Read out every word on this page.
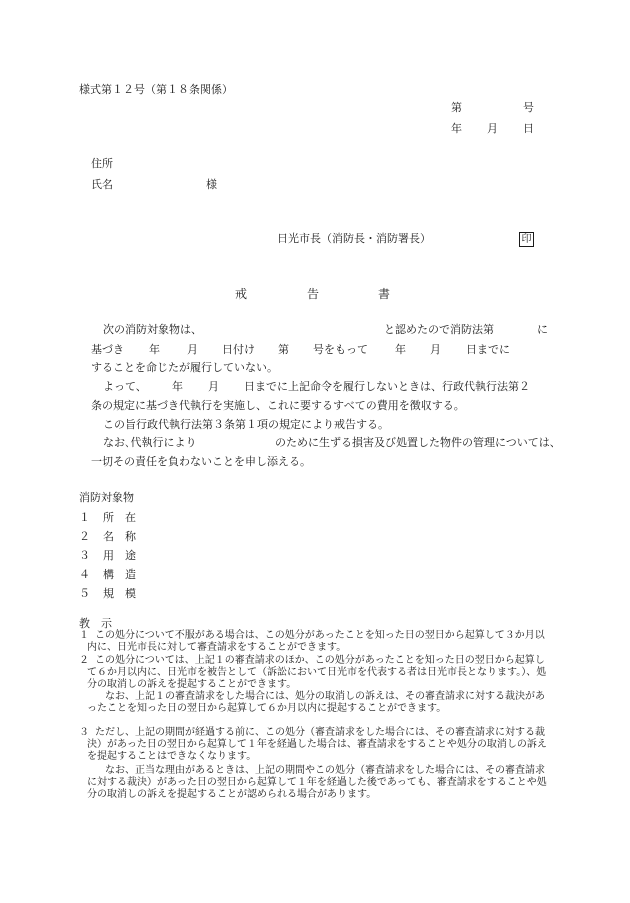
様式第１２号（第１８条関係）
第	号
年 月 日
住所
氏名	様
日光市長（消防長・消防署長）	印
戒	告	書
次の消防対象物は、	と認めたので消防法第	に
基づき 年 月 日付け 第 号をもって 年 月 日までに
することを命じたが履行していない。
よって、 年 月 日までに上記命令を履行しないときは、行政代執行法第２
条の規定に基づき代執行を実施し、これに要するすべての費用を徴収する。
この旨行政代執行法第３条第１項の規定により戒告する。
なお､代執行により	のために生ずる損害及び処置した物件の管理については、
一切その責任を負わないことを申し添える。
消防対象物
１ 所　在
２ 名　称
３ 用　途
４ 構　造
５ 規　模
教　示
１ この処分について不服がある場合は、この処分があったことを知った日の翌日から起算して３か月以内に、日光市長に対して審査請求をすることができます。
２ この処分については、上記１の審査請求のほか、この処分があったことを知った日の翌日から起算して６か月以内に、日光市を被告として（訴訟において日光市を代表する者は日光市長となります。）、処分の取消しの訴えを提起することができます。
なお、上記１の審査請求をした場合には、処分の取消しの訴えは、その審査請求に対する裁決があったことを知った日の翌日から起算して６か月以内に提起することができます。
３ ただし、上記の期間が経過する前に、この処分（審査請求をした場合には、その審査請求に対する裁決）があった日の翌日から起算して１年を経過した場合は、審査請求をすることや処分の取消しの訴えを提起することはできなくなります。
なお、正当な理由があるときは、上記の期間やこの処分（審査請求をした場合には、その審査請求に対する裁決）があった日の翌日から起算して１年を経過した後であっても、審査請求をすることや処分の取消しの訴えを提起することが認められる場合があります。
